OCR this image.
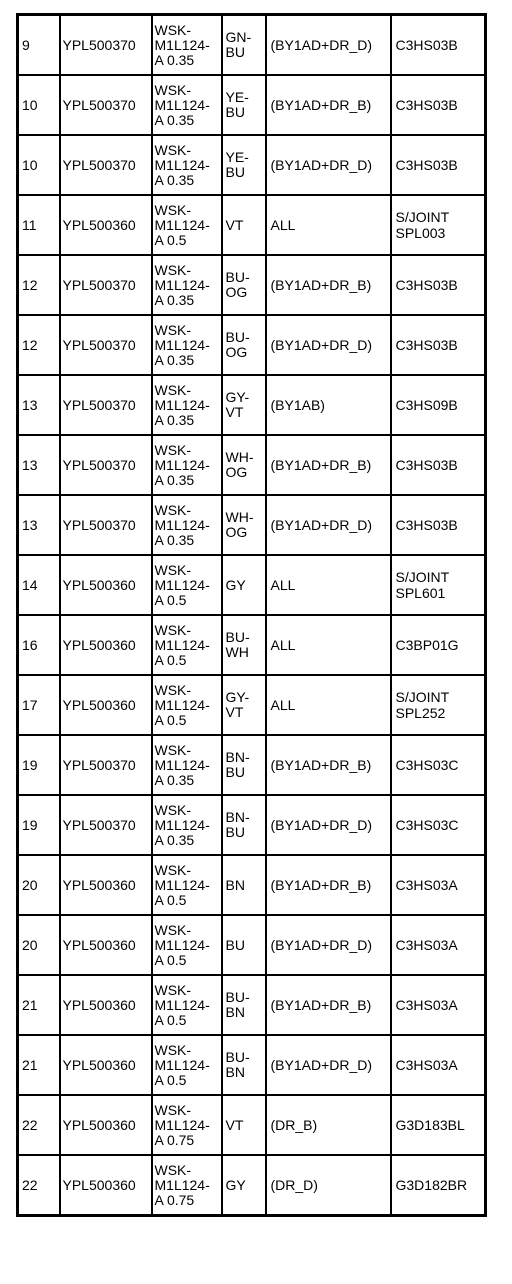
9	YPL500370	WSK-
M1L124-
A 0.35	GN-
BU	(BY1AD+DR_D)	C3HS03B
10	YPL500370	WSK-
M1L124-
A 0.35	YE-
BU	(BY1AD+DR_B)	C3HS03B
10	YPL500370	WSK-
M1L124-
A 0.35	YE-
BU	(BY1AD+DR_D)	C3HS03B
11	YPL500360	WSK-
M1L124-
A 0.5	VT	ALL	S/JOINT
SPL003
12	YPL500370	WSK-
M1L124-
A 0.35	BU-
OG	(BY1AD+DR_B)	C3HS03B
12	YPL500370	WSK-
M1L124-
A 0.35	BU-
OG	(BY1AD+DR_D)	C3HS03B
13	YPL500370	WSK-
M1L124-
A 0.35	GY-
VT	(BY1AB)	C3HS09B
13	YPL500370	WSK-
M1L124-
A 0.35	WH-
OG	(BY1AD+DR_B)	C3HS03B
13	YPL500370	WSK-
M1L124-
A 0.35	WH-
OG	(BY1AD+DR_D)	C3HS03B
14	YPL500360	WSK-
M1L124-
A 0.5	GY	ALL	S/JOINT
SPL601
16	YPL500360	WSK-
M1L124-
A 0.5	BU-
WH	ALL	C3BP01G
17	YPL500360	WSK-
M1L124-
A 0.5	GY-
VT	ALL	S/JOINT
SPL252
19	YPL500370	WSK-
M1L124-
A 0.35	BN-
BU	(BY1AD+DR_B)	C3HS03C
19	YPL500370	WSK-
M1L124-
A 0.35	BN-
BU	(BY1AD+DR_D)	C3HS03C
20	YPL500360	WSK-
M1L124-
A 0.5	BN	(BY1AD+DR_B)	C3HS03A
20	YPL500360	WSK-
M1L124-
A 0.5	BU	(BY1AD+DR_D)	C3HS03A
21	YPL500360	WSK-
M1L124-
A 0.5	BU-
BN	(BY1AD+DR_B)	C3HS03A
21	YPL500360	WSK-
M1L124-
A 0.5	BU-
BN	(BY1AD+DR_D)	C3HS03A
22	YPL500360	WSK-
M1L124-
A 0.75	VT	(DR_B)	G3D183BL
22	YPL500360	WSK-
M1L124-
A 0.75	GY	(DR_D)	G3D182BR
